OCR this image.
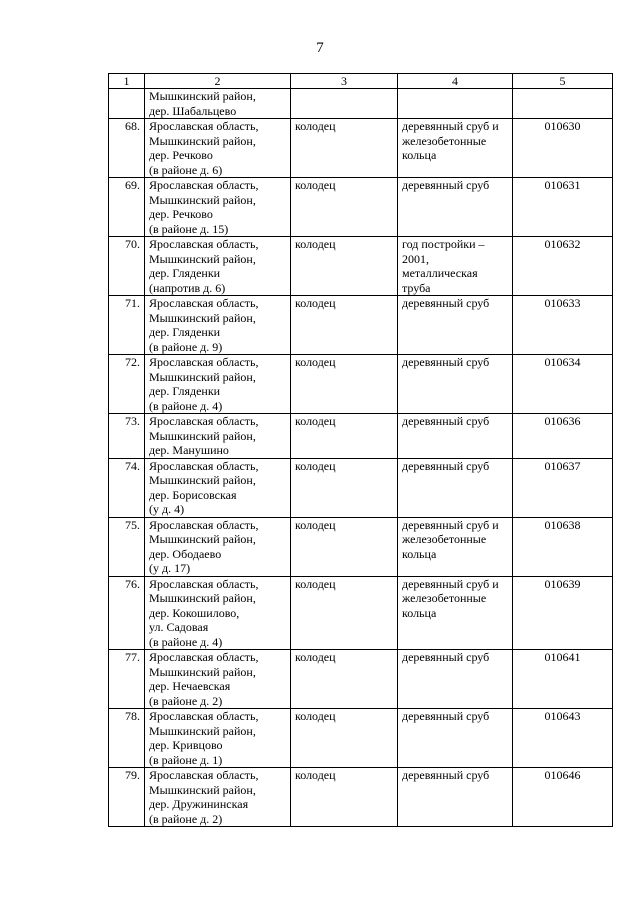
7
1	2	3	4	5

	Мышкинский район,
дер. Шабальцево			

68.	Ярославская область,
Мышкинский район,
дер. Речково
(в районе д. 6)	колодец	деревянный сруб и
железобетонные
кольца	010630
69.	Ярославская область,
Мышкинский район,
дер. Речково
(в районе д. 15)	колодец	деревянный сруб	010631
70.	Ярославская область,
Мышкинский район,
дер. Гляденки
(напротив д. 6)	колодец	год постройки –
2001,
металлическая
труба	010632
71.	Ярославская область,
Мышкинский район,
дер. Гляденки
(в районе д. 9)	колодец	деревянный сруб	010633
72.	Ярославская область,
Мышкинский район,
дер. Гляденки
(в районе д. 4)	колодец	деревянный сруб	010634
73.	Ярославская область,
Мышкинский район,
дер. Манушино	колодец	деревянный сруб	010636
74.	Ярославская область,
Мышкинский район,
дер. Борисовская
(у д. 4)	колодец	деревянный сруб	010637
75.	Ярославская область,
Мышкинский район,
дер. Ободаево
(у д. 17)	колодец	деревянный сруб и
железобетонные
кольца	010638
76.	Ярославская область,
Мышкинский район,
дер. Кокошилово,
ул. Садовая
(в районе д. 4)	колодец	деревянный сруб и
железобетонные
кольца	010639
77.	Ярославская область,
Мышкинский район,
дер. Нечаевская
(в районе д. 2)	колодец	деревянный сруб	010641
78.	Ярославская область,
Мышкинский район,
дер. Кривцово
(в районе д. 1)	колодец	деревянный сруб	010643
79.	Ярославская область,
Мышкинский район,
дер. Дружининская
(в районе д. 2)	колодец	деревянный сруб	010646
